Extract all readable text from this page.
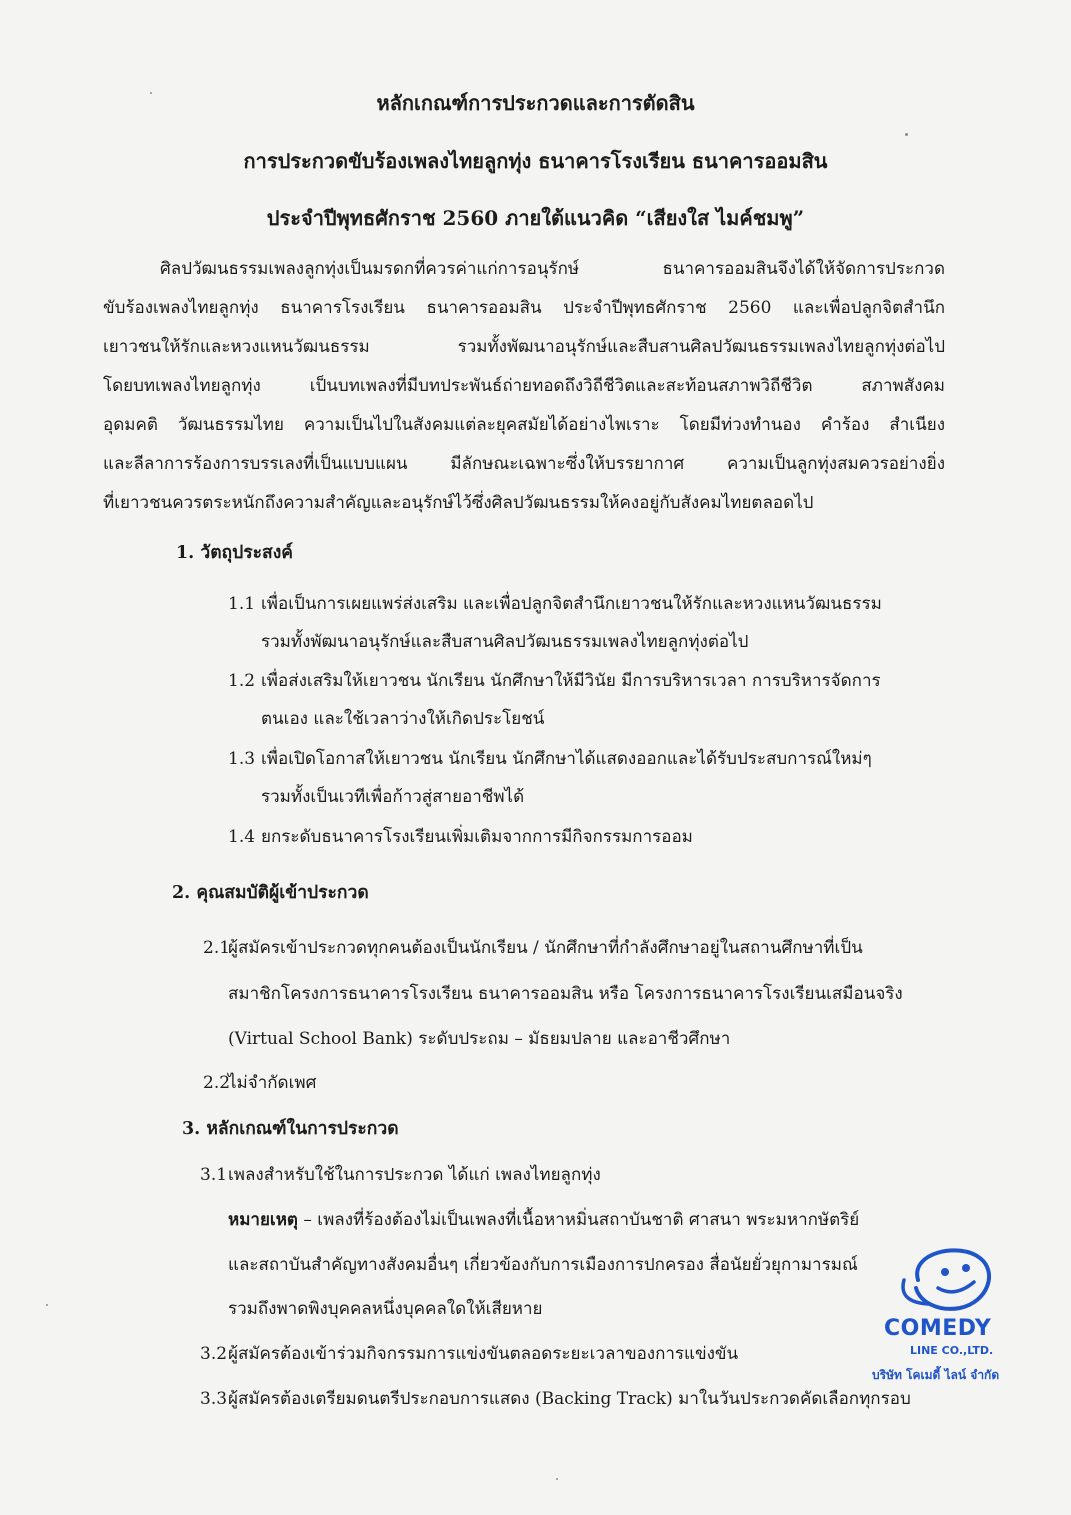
หลักเกณฑ์การประกวดและการตัดสิน
การประกวดขับร้องเพลงไทยลูกทุ่ง ธนาคารโรงเรียน ธนาคารออมสิน
ประจำปีพุทธศักราช 2560 ภายใต้แนวคิด “เสียงใส ไมค์ชมพู”
ศิลปวัฒนธรรมเพลงลูกทุ่งเป็นมรดกที่ควรค่าแก่การอนุรักษ์ ธนาคารออมสินจึงได้ให้จัดการประกวด
ขับร้องเพลงไทยลูกทุ่ง ธนาคารโรงเรียน ธนาคารออมสิน ประจำปีพุทธศักราช 2560 และเพื่อปลูกจิตสำนึก
เยาวชนให้รักและหวงแหนวัฒนธรรม รวมทั้งพัฒนาอนุรักษ์และสืบสานศิลปวัฒนธรรมเพลงไทยลูกทุ่งต่อไป
โดยบทเพลงไทยลูกทุ่ง เป็นบทเพลงที่มีบทประพันธ์ถ่ายทอดถึงวิถีชีวิตและสะท้อนสภาพวิถีชีวิต สภาพสังคม
อุดมคติ วัฒนธรรมไทย ความเป็นไปในสังคมแต่ละยุคสมัยได้อย่างไพเราะ โดยมีท่วงทำนอง คำร้อง สำเนียง
และลีลาการร้องการบรรเลงที่เป็นแบบแผน มีลักษณะเฉพาะซึ่งให้บรรยากาศ ความเป็นลูกทุ่งสมควรอย่างยิ่ง
ที่เยาวชนควรตระหนักถึงความสำคัญและอนุรักษ์ไว้ซึ่งศิลปวัฒนธรรมให้คงอยู่กับสังคมไทยตลอดไป
1. วัตถุประสงค์
1.1 เพื่อเป็นการเผยแพร่ส่งเสริม และเพื่อปลูกจิตสำนึกเยาวชนให้รักและหวงแหนวัฒนธรรม
รวมทั้งพัฒนาอนุรักษ์และสืบสานศิลปวัฒนธรรมเพลงไทยลูกทุ่งต่อไป
1.2 เพื่อส่งเสริมให้เยาวชน นักเรียน นักศึกษาให้มีวินัย มีการบริหารเวลา การบริหารจัดการ
ตนเอง และใช้เวลาว่างให้เกิดประโยชน์
1.3 เพื่อเปิดโอกาสให้เยาวชน นักเรียน นักศึกษาได้แสดงออกและได้รับประสบการณ์ใหม่ๆ
รวมทั้งเป็นเวทีเพื่อก้าวสู่สายอาชีพได้
1.4 ยกระดับธนาคารโรงเรียนเพิ่มเติมจากการมีกิจกรรมการออม
2. คุณสมบัติผู้เข้าประกวด
2.1ผู้สมัครเข้าประกวดทุกคนต้องเป็นนักเรียน / นักศึกษาที่กำลังศึกษาอยู่ในสถานศึกษาที่เป็น
สมาชิกโครงการธนาคารโรงเรียน ธนาคารออมสิน หรือ โครงการธนาคารโรงเรียนเสมือนจริง
(Virtual School Bank) ระดับประถม – มัธยมปลาย และอาชีวศึกษา
2.2ไม่จำกัดเพศ
3. หลักเกณฑ์ในการประกวด
3.1เพลงสำหรับใช้ในการประกวด ได้แก่ เพลงไทยลูกทุ่ง
หมายเหตุ – เพลงที่ร้องต้องไม่เป็นเพลงที่เนื้อหาหมิ่นสถาบันชาติ ศาสนา พระมหากษัตริย์
และสถาบันสำคัญทางสังคมอื่นๆ เกี่ยวข้องกับการเมืองการปกครอง สื่อนัยยั่วยุกามารมณ์
รวมถึงพาดพิงบุคคลหนึ่งบุคคลใดให้เสียหาย
3.2ผู้สมัครต้องเข้าร่วมกิจกรรมการแข่งขันตลอดระยะเวลาของการแข่งขัน
3.3ผู้สมัครต้องเตรียมดนตรีประกอบการแสดง (Backing Track) มาในวันประกวดคัดเลือกทุกรอบ
COMEDY
LINE CO.,LTD.
บริษัท โคเมดี้ ไลน์ จำกัด
